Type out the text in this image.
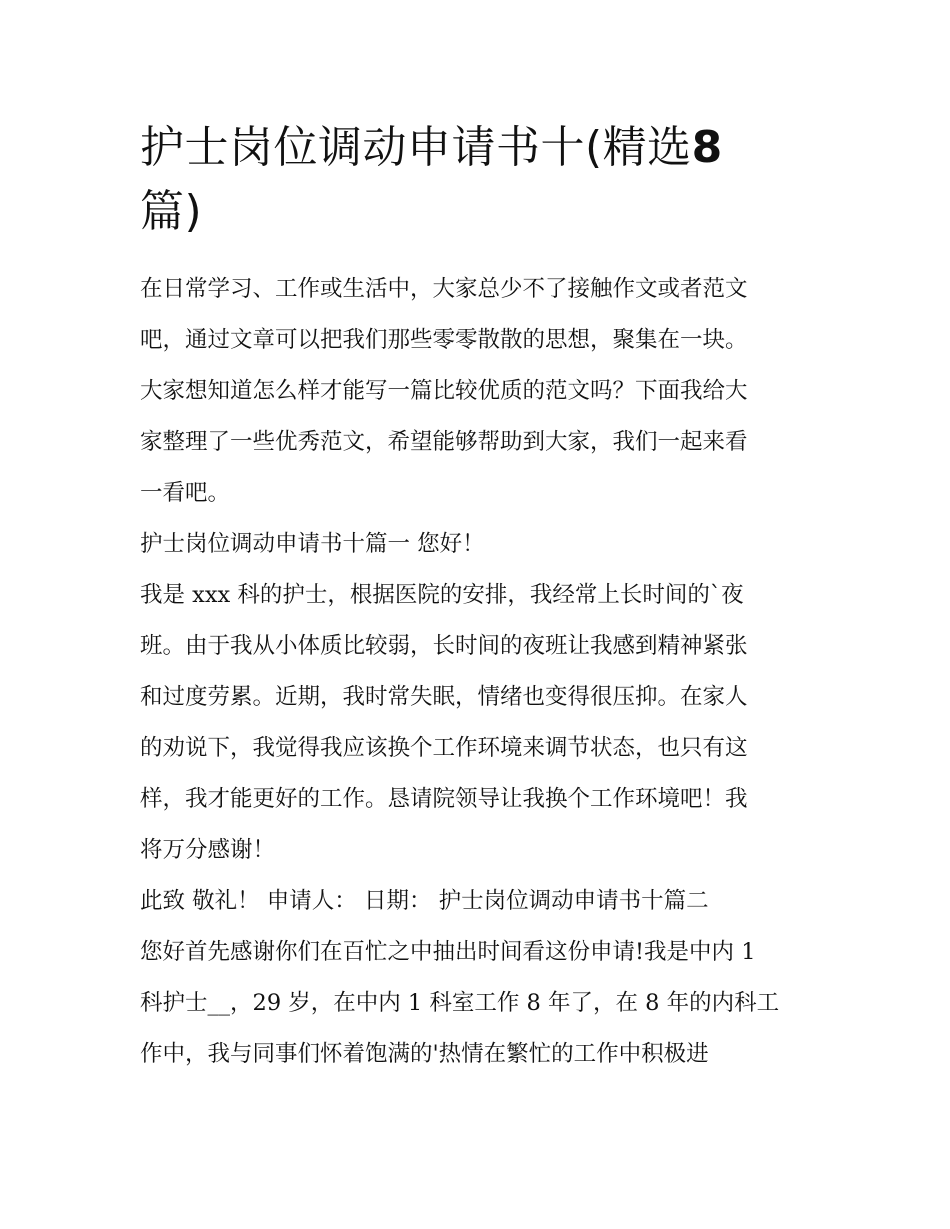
护士岗位调动申请书十(精选8
篇)
在日常学习、工作或生活中，大家总少不了接触作文或者范文
吧，通过文章可以把我们那些零零散散的思想，聚集在一块。
大家想知道怎么样才能写一篇比较优质的范文吗？下面我给大
家整理了一些优秀范文，希望能够帮助到大家，我们一起来看
一看吧。
护士岗位调动申请书十篇一 您好！
我是 xxx 科的护士，根据医院的安排，我经常上长时间的`夜
班。由于我从小体质比较弱，长时间的夜班让我感到精神紧张
和过度劳累。近期，我时常失眠，情绪也变得很压抑。在家人
的劝说下，我觉得我应该换个工作环境来调节状态，也只有这
样，我才能更好的工作。恳请院领导让我换个工作环境吧！我
将万分感谢！
此致 敬礼！ 申请人： 日期： 护士岗位调动申请书十篇二
您好首先感谢你们在百忙之中抽出时间看这份申请!我是中内 1
科护士__，29 岁，在中内 1 科室工作 8 年了，在 8 年的内科工
作中，我与同事们怀着饱满的'热情在繁忙的工作中积极进
